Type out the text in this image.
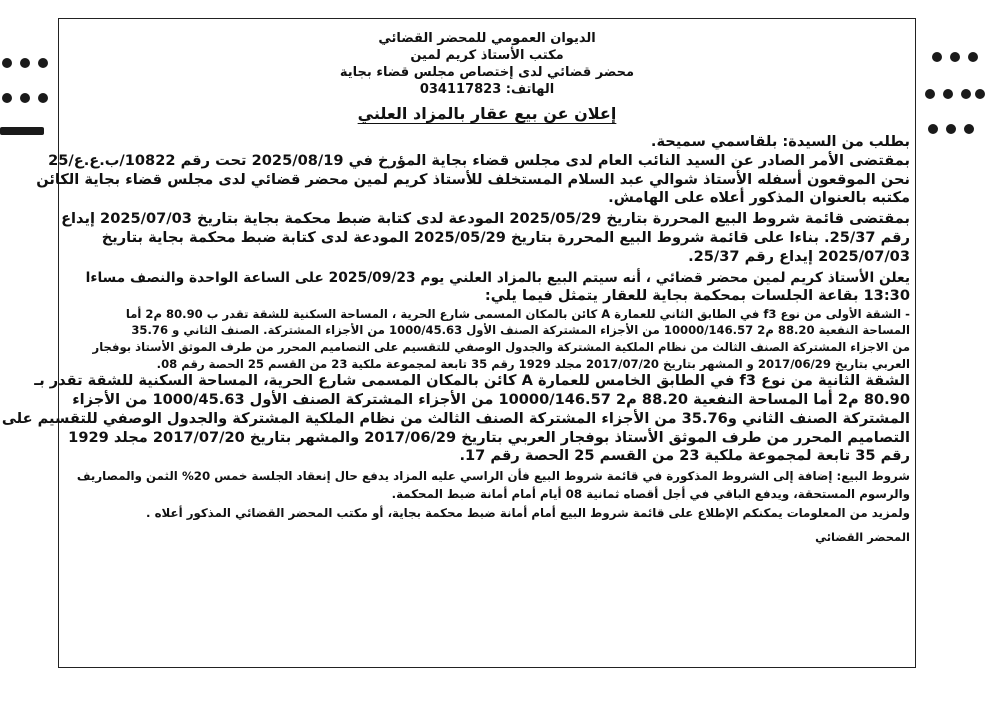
الديوان العمومي للمحضر القضائي
مكتب الأستاذ كريم لمين
محضر قضائي لدى إختصاص مجلس قضاء بجاية
الهاتف: 034117823
إعلان عن بيع عقار بالمزاد العلني
بطلب من السيدة: بلقاسمي سميحة.
بمقتضى الأمر الصادر عن السيد النائب العام لدى مجلس قضاء بجاية المؤرخ في 2025/08/19 تحت رقم 10822/ب.ع.ع/25
نحن الموقعون أسفله الأستاذ شوالي عبد السلام المستخلف للأستاذ كريم لمين محضر قضائي لدى مجلس قضاء بجاية الكائن
مكتبه بالعنوان المذكور أعلاه على الهامش.
بمقتضى قائمة شروط البيع المحررة بتاريخ 2025/05/29 المودعة لدى كتابة ضبط محكمة بجاية بتاريخ 2025/07/03 إيداع
رقم 25/37. بناءا على قائمة شروط البيع المحررة بتاريخ 2025/05/29 المودعة لدى كتابة ضبط محكمة بجاية بتاريخ
2025/07/03 إيداع رقم 25/37.
يعلن الأستاذ كريم لمين محضر قضائي ، أنه سيتم البيع بالمزاد العلني يوم 2025/09/23 على الساعة الواحدة والنصف مساءا
13:30 بقاعة الجلسات بمحكمة بجاية للعقار يتمثل فيما يلي:
- الشقة الأولى من نوع f3 في الطابق الثاني للعمارة A كائن بالمكان المسمى شارع الحرية ، المساحة السكنية للشقة تقدر ب 80.90 م2 أما
المساحة النفعية 88.20 م2 10000/146.57 من الأجزاء المشتركة الصنف الأول 1000/45.63 من الأجزاء المشتركة. الصنف الثاني و 35.76
من الاجزاء المشتركة الصنف الثالث من نظام الملكية المشتركة والجدول الوصفي للتقسيم على التصاميم المحرر من طرف الموثق الأستاذ بوفجار
العربي بتاريخ 2017/06/29 و المشهر بتاريخ 2017/07/20 مجلد 1929 رقم 35 تابعة لمجموعة ملكية 23 من القسم 25 الحصة رقم 08.
الشقة الثانية من نوع f3 في الطابق الخامس للعمارة A كائن بالمكان المسمى شارع الحرية، المساحة السكنية للشقة تقدر بـ
80.90 م2 أما المساحة النفعية 88.20 م2 10000/146.57 من الأجزاء المشتركة الصنف الأول 1000/45.63 من الأجزاء
المشتركة الصنف الثاني و35.76 من الأجزاء المشتركة الصنف الثالث من نظام الملكية المشتركة والجدول الوصفي للتقسيم على
التصاميم المحرر من طرف الموثق الأستاذ بوفجار العربي بتاريخ 2017/06/29 والمشهر بتاريخ 2017/07/20 مجلد 1929
رقم 35 تابعة لمجموعة ملكية 23 من القسم 25 الحصة رقم 17.
شروط البيع: إضافة إلى الشروط المذكورة في قائمة شروط البيع فأن الراسي عليه المزاد يدفع حال إنعقاد الجلسة خمس 20% الثمن والمصاريف
والرسوم المستحقة، ويدفع الباقي في أجل أقصاه ثمانية 08 أيام أمام أمانة ضبط المحكمة.
ولمزيد من المعلومات يمكنكم الإطلاع على قائمة شروط البيع أمام أمانة ضبط محكمة بجاية، أو مكتب المحضر القضائي المذكور أعلاه .
المحضر القضائي
